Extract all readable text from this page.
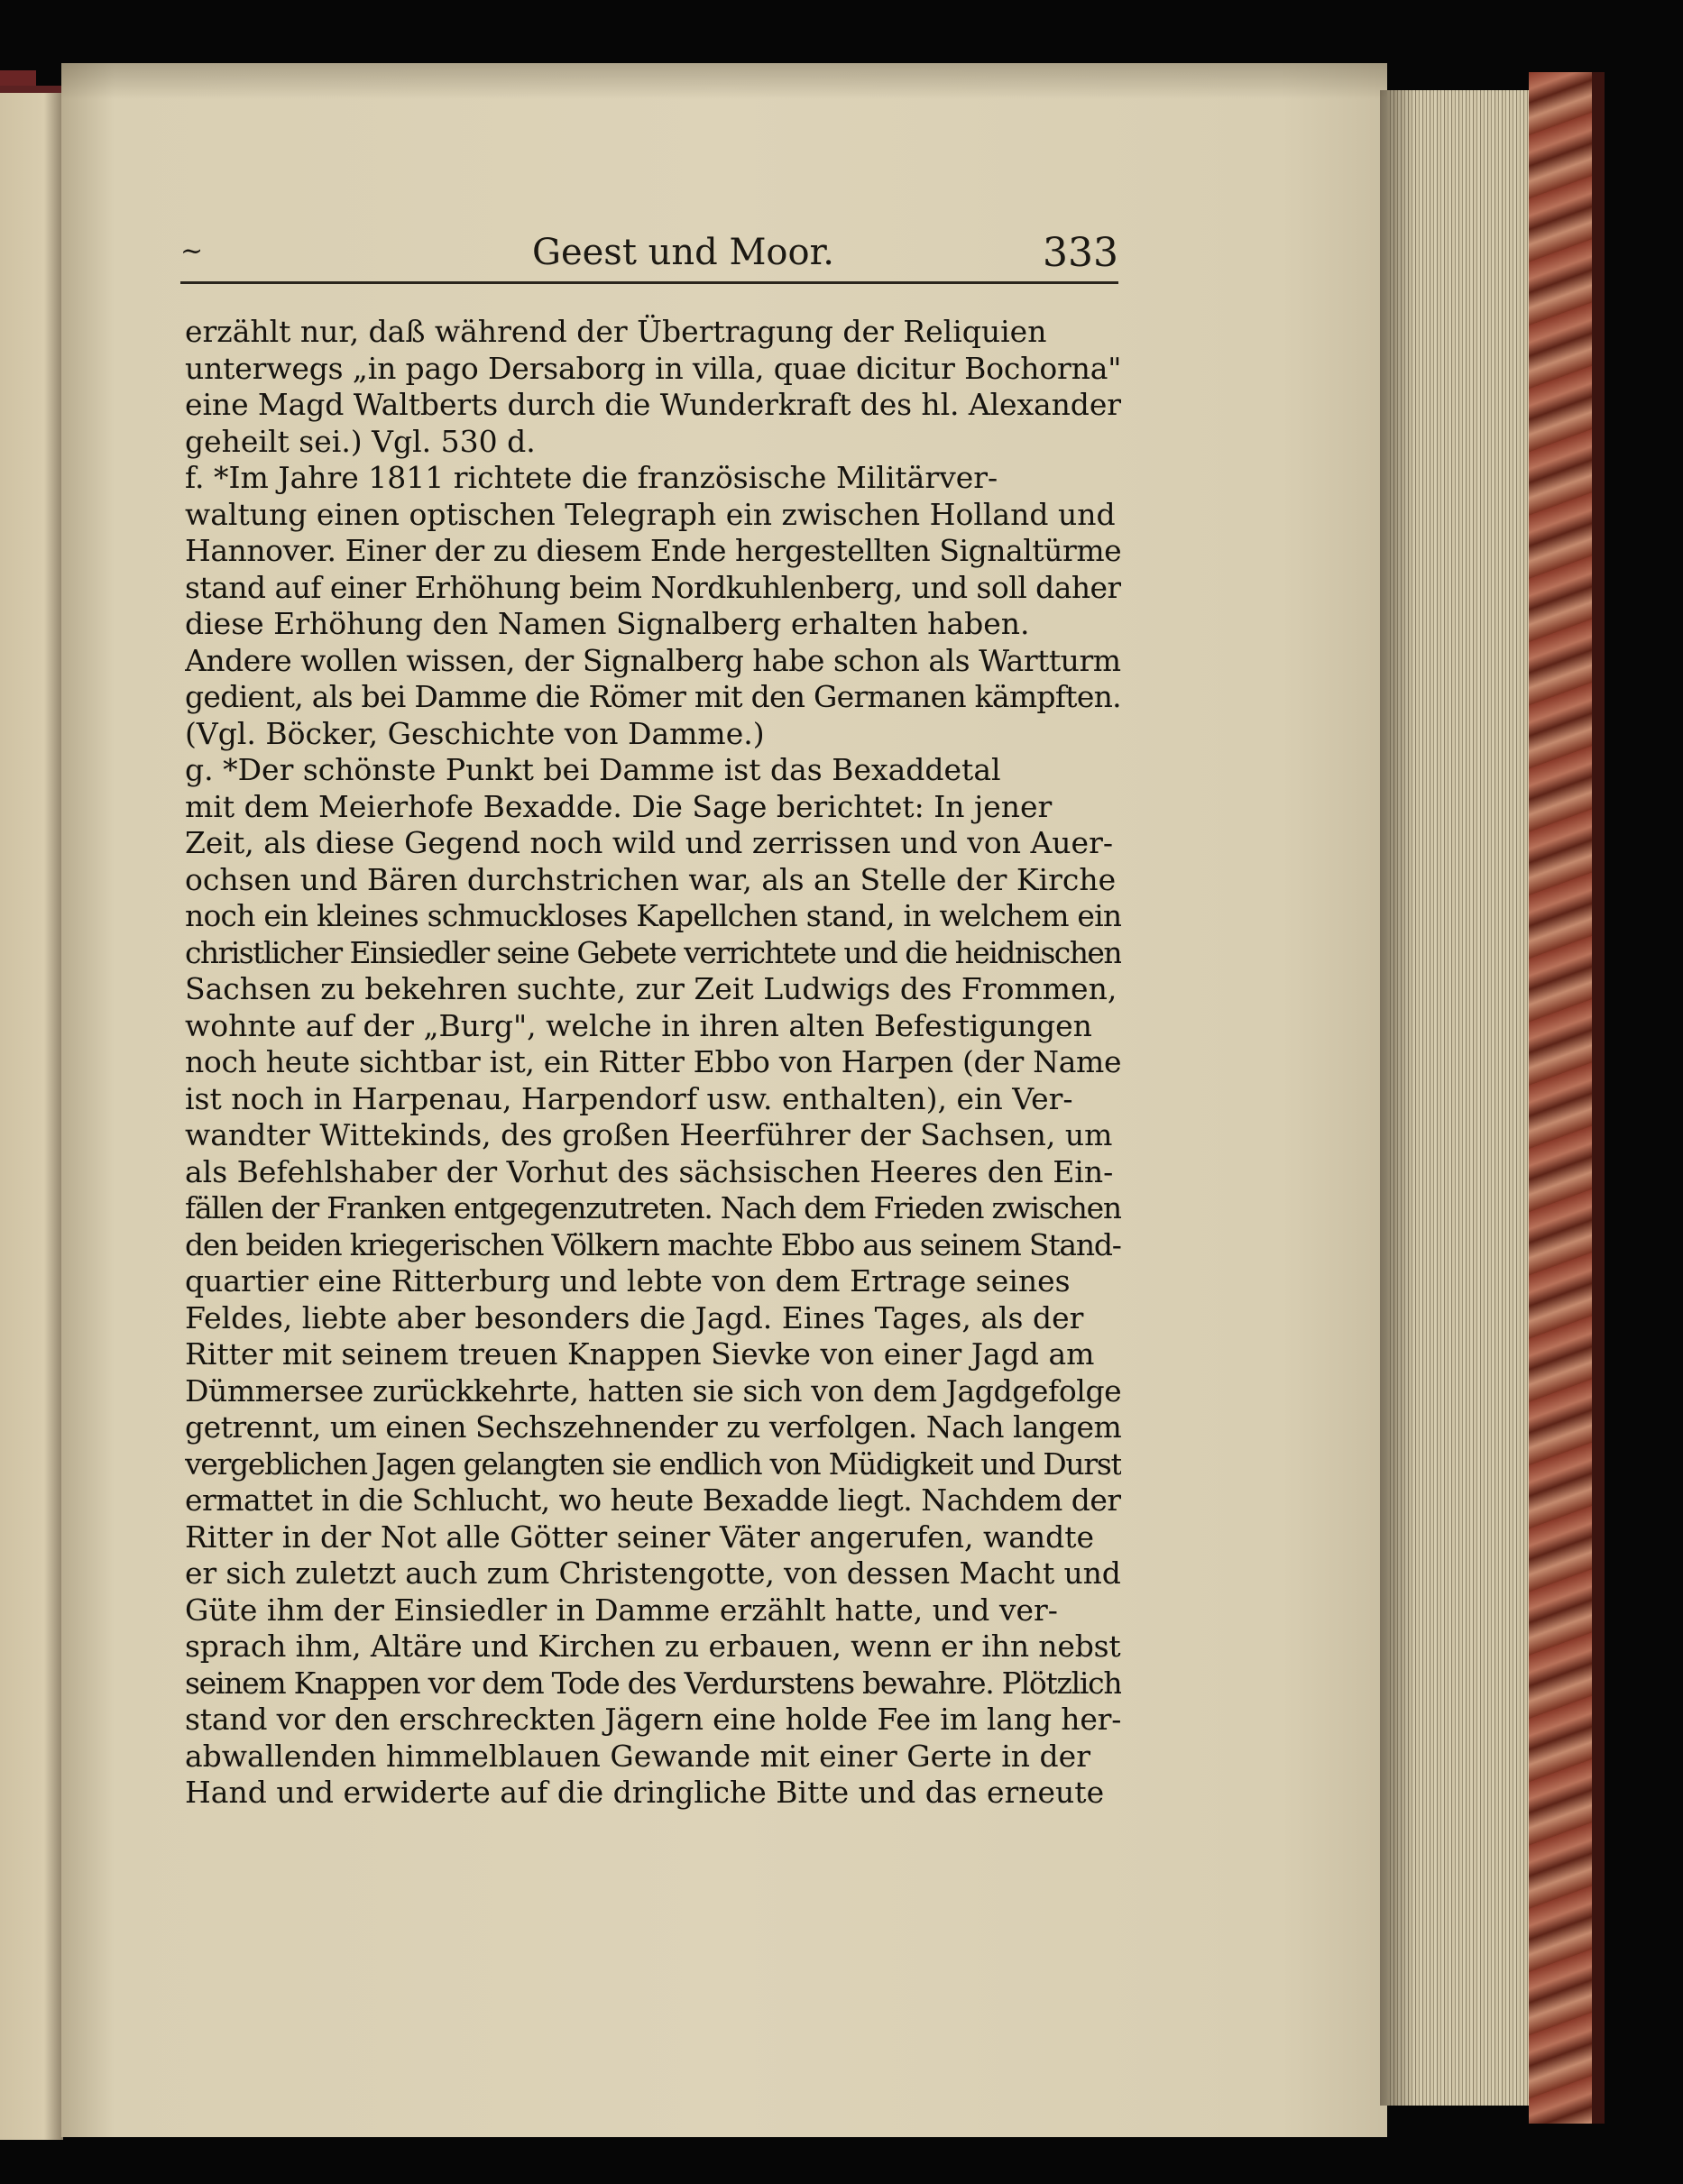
~	Geest und Moor.	333
erzählt nur, daß während der Übertragung der Reliquien
unterwegs „in pago Dersaborg in villa, quae dicitur Bochorna"
eine Magd Waltberts durch die Wunderkraft des hl. Alexander
geheilt sei.) Vgl. 530 d.
f. *Im Jahre 1811 richtete die französische Militärver-
waltung einen optischen Telegraph ein zwischen Holland und
Hannover. Einer der zu diesem Ende hergestellten Signaltürme
stand auf einer Erhöhung beim Nordkuhlenberg, und soll daher
diese Erhöhung den Namen Signalberg erhalten haben.
Andere wollen wissen, der Signalberg habe schon als Wartturm
gedient, als bei Damme die Römer mit den Germanen kämpften.
(Vgl. Böcker, Geschichte von Damme.)
g. *Der schönste Punkt bei Damme ist das Bexaddetal
mit dem Meierhofe Bexadde. Die Sage berichtet: In jener
Zeit, als diese Gegend noch wild und zerrissen und von Auer-
ochsen und Bären durchstrichen war, als an Stelle der Kirche
noch ein kleines schmuckloses Kapellchen stand, in welchem ein
christlicher Einsiedler seine Gebete verrichtete und die heidnischen
Sachsen zu bekehren suchte, zur Zeit Ludwigs des Frommen,
wohnte auf der „Burg", welche in ihren alten Befestigungen
noch heute sichtbar ist, ein Ritter Ebbo von Harpen (der Name
ist noch in Harpenau, Harpendorf usw. enthalten), ein Ver-
wandter Wittekinds, des großen Heerführer der Sachsen, um
als Befehlshaber der Vorhut des sächsischen Heeres den Ein-
fällen der Franken entgegenzutreten. Nach dem Frieden zwischen
den beiden kriegerischen Völkern machte Ebbo aus seinem Stand-
quartier eine Ritterburg und lebte von dem Ertrage seines
Feldes, liebte aber besonders die Jagd. Eines Tages, als der
Ritter mit seinem treuen Knappen Sievke von einer Jagd am
Dümmersee zurückkehrte, hatten sie sich von dem Jagdgefolge
getrennt, um einen Sechszehnender zu verfolgen. Nach langem
vergeblichen Jagen gelangten sie endlich von Müdigkeit und Durst
ermattet in die Schlucht, wo heute Bexadde liegt. Nachdem der
Ritter in der Not alle Götter seiner Väter angerufen, wandte
er sich zuletzt auch zum Christengotte, von dessen Macht und
Güte ihm der Einsiedler in Damme erzählt hatte, und ver-
sprach ihm, Altäre und Kirchen zu erbauen, wenn er ihn nebst
seinem Knappen vor dem Tode des Verdurstens bewahre. Plötzlich
stand vor den erschreckten Jägern eine holde Fee im lang her-
abwallenden himmelblauen Gewande mit einer Gerte in der
Hand und erwiderte auf die dringliche Bitte und das erneute
